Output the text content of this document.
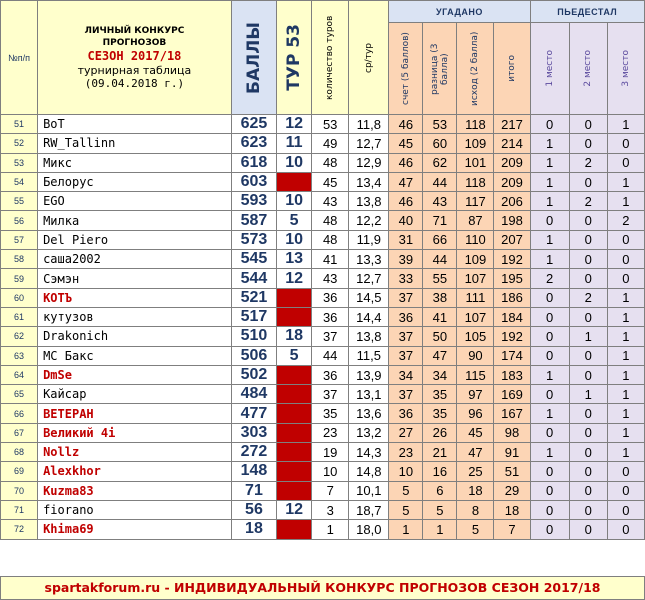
№п/п	ЛИЧНЫЙ КОНКУРС
ПРОГНОЗОВ
СЕЗОН 2017/18
турнирная таблица
(09.04.2018 г.)	БАЛЛЫ	ТУР 53	количество туров	ср/тур	УГАДАНО				ПЬЕДЕСТАЛ		

						счет (5 баллов)	разница (3 балла)	исход (2 балла)	итого	1 место	2 место	3 место

51	BoT	625	12	53	11,8	46	53	118	217	0	0	1
52	RW_Tallinn	623	11	49	12,7	45	60	109	214	1	0	0
53	Микс	618	10	48	12,9	46	62	101	209	1	2	0
54	Белорус	603		45	13,4	47	44	118	209	1	0	1
55	EGO	593	10	43	13,8	46	43	117	206	1	2	1
56	Милка	587	5	48	12,2	40	71	87	198	0	0	2
57	Del Piero	573	10	48	11,9	31	66	110	207	1	0	0
58	саша2002	545	13	41	13,3	39	44	109	192	1	0	0
59	Сэмэн	544	12	43	12,7	33	55	107	195	2	0	0
60	КОТЪ	521		36	14,5	37	38	111	186	0	2	1
61	кутузов	517		36	14,4	36	41	107	184	0	0	1
62	Drakonich	510	18	37	13,8	37	50	105	192	0	1	1
63	МС Бакс	506	5	44	11,5	37	47	90	174	0	0	1
64	DmSe	502		36	13,9	34	34	115	183	1	0	1
65	Кайсар	484		37	13,1	37	35	97	169	0	1	1
66	ВЕТЕРАН	477		35	13,6	36	35	96	167	1	0	1
67	Великий 4i	303		23	13,2	27	26	45	98	0	0	1
68	Nollz	272		19	14,3	23	21	47	91	1	0	1
69	Alexkhor	148		10	14,8	10	16	25	51	0	0	0
70	Kuzma83	71		7	10,1	5	6	18	29	0	0	0
71	fiorano	56	12	3	18,7	5	5	8	18	0	0	0
72	Khima69	18		1	18,0	1	1	5	7	0	0	0
spartakforum.ru - ИНДИВИДУАЛЬНЫЙ КОНКУРС ПРОГНОЗОВ СЕЗОН 2017/18
